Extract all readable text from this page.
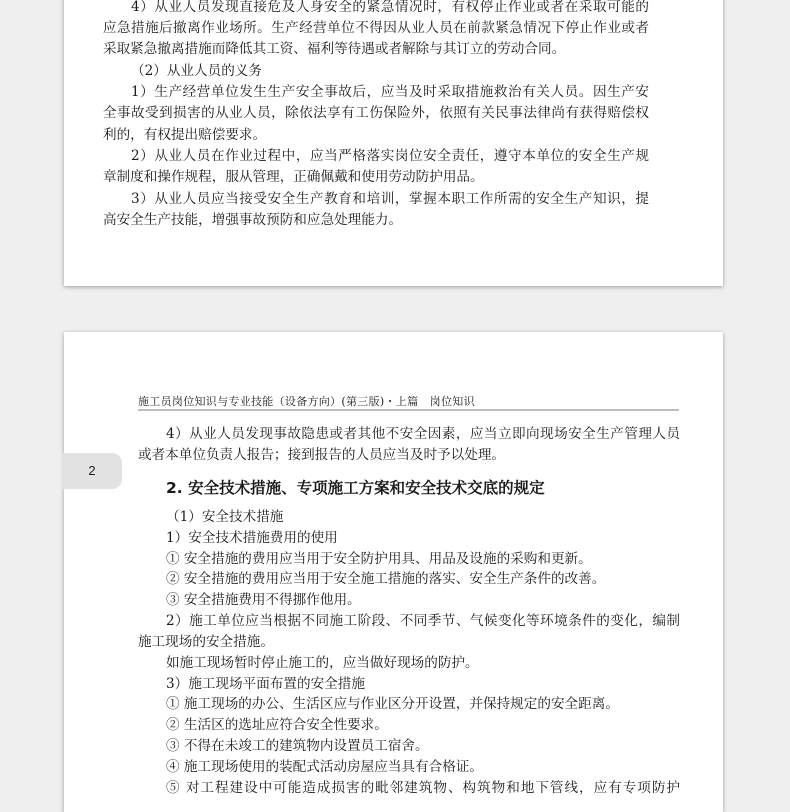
4）从业人员发现直接危及人身安全的紧急情况时，有权停止作业或者在采取可能的
应急措施后撤离作业场所。生产经营单位不得因从业人员在前款紧急情况下停止作业或者
采取紧急撤离措施而降低其工资、福利等待遇或者解除与其订立的劳动合同。
（2）从业人员的义务
1）生产经营单位发生生产安全事故后，应当及时采取措施救治有关人员。因生产安
全事故受到损害的从业人员，除依法享有工伤保险外，依照有关民事法律尚有获得赔偿权
利的，有权提出赔偿要求。
2）从业人员在作业过程中，应当严格落实岗位安全责任，遵守本单位的安全生产规
章制度和操作规程，服从管理，正确佩戴和使用劳动防护用品。
3）从业人员应当接受安全生产教育和培训，掌握本职工作所需的安全生产知识，提
高安全生产技能，增强事故预防和应急处理能力。
施工员岗位知识与专业技能（设备方向）(第三版)・上篇　岗位知识
4）从业人员发现事故隐患或者其他不安全因素，应当立即向现场安全生产管理人员
或者本单位负责人报告；接到报告的人员应当及时予以处理。
2. 安全技术措施、专项施工方案和安全技术交底的规定
（1）安全技术措施
1）安全技术措施费用的使用
① 安全措施的费用应当用于安全防护用具、用品及设施的采购和更新。
② 安全措施的费用应当用于安全施工措施的落实、安全生产条件的改善。
③ 安全措施费用不得挪作他用。
2）施工单位应当根据不同施工阶段、不同季节、气候变化等环境条件的变化，编制
施工现场的安全措施。
如施工现场暂时停止施工的，应当做好现场的防护。
3）施工现场平面布置的安全措施
① 施工现场的办公、生活区应与作业区分开设置，并保持规定的安全距离。
② 生活区的选址应符合安全性要求。
③ 不得在未竣工的建筑物内设置员工宿舍。
④ 施工现场使用的装配式活动房屋应当具有合格证。
⑤ 对工程建设中可能造成损害的毗邻建筑物、构筑物和地下管线，应有专项防护
2
